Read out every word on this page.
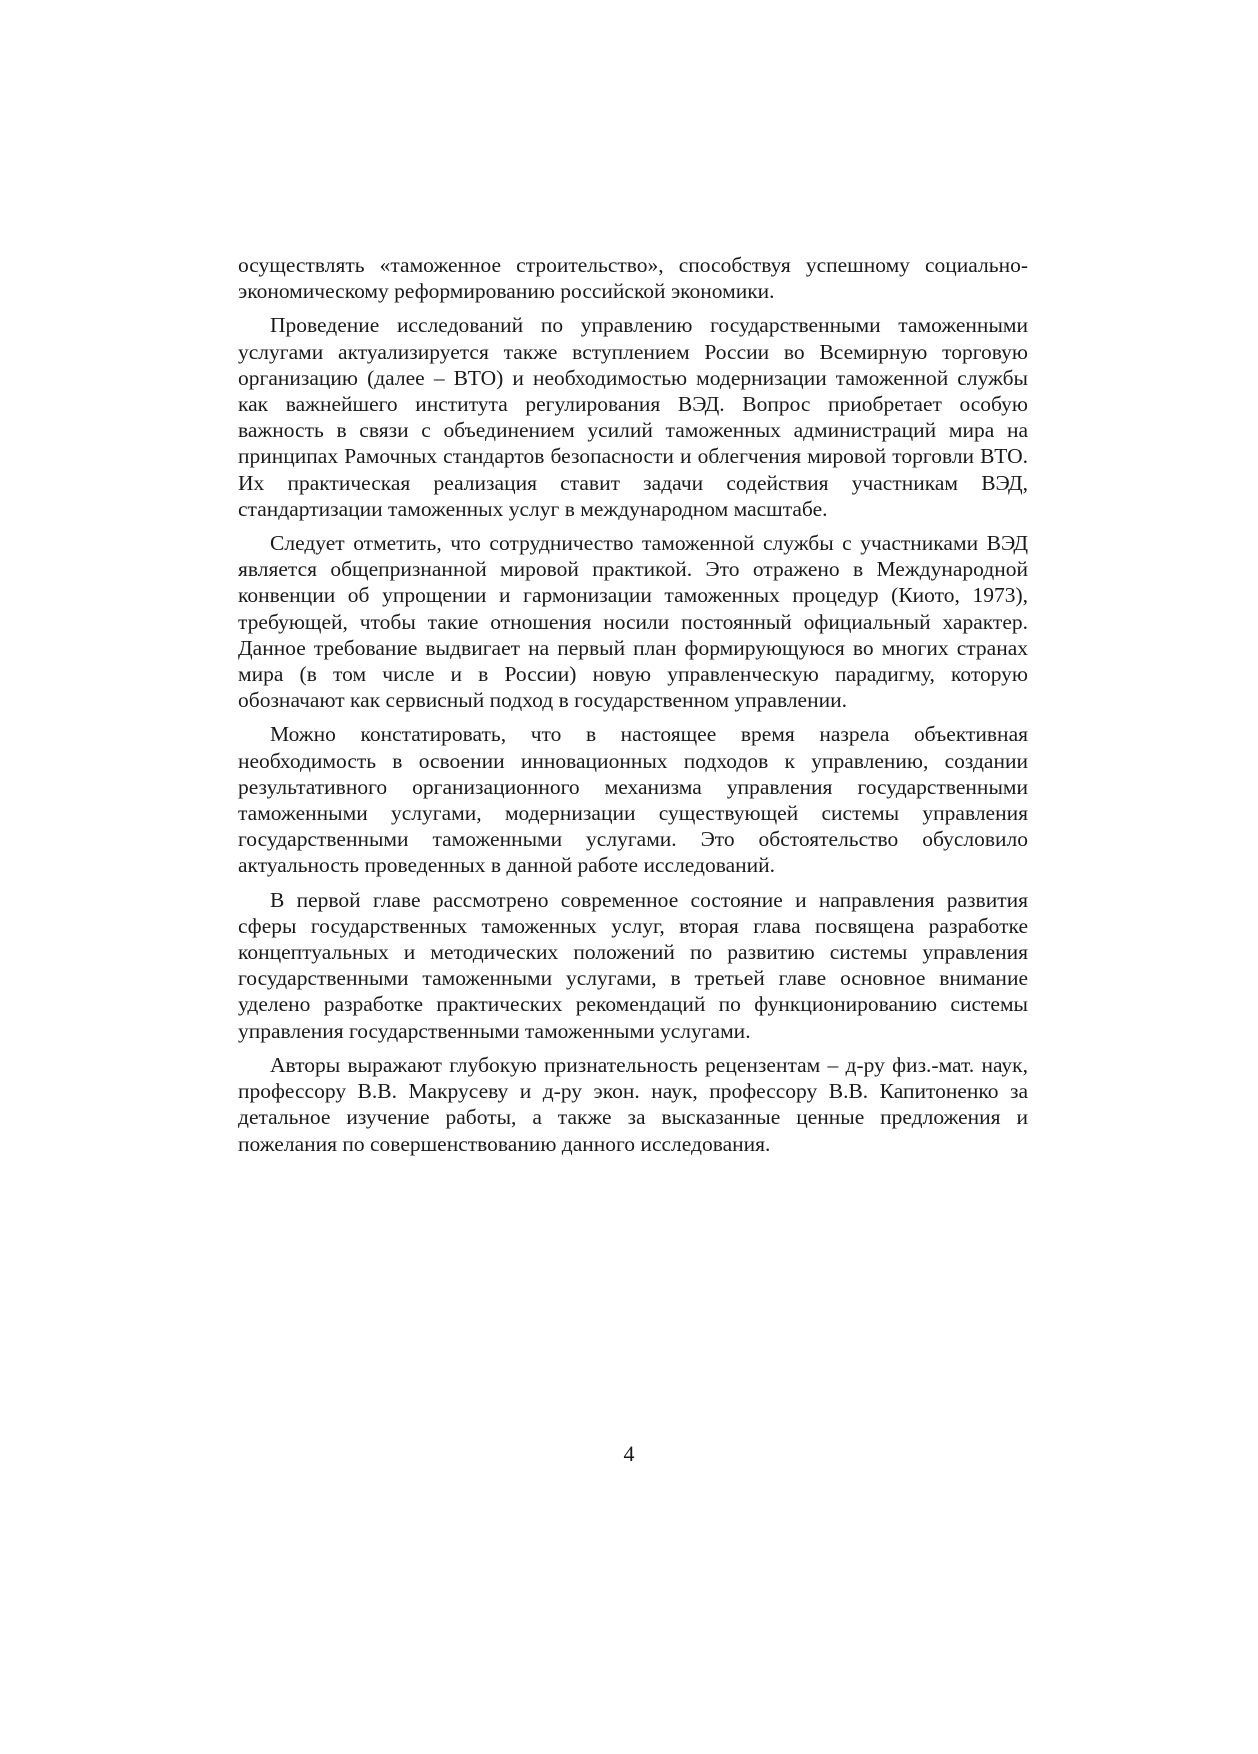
осуществлять «таможенное строительство», способствуя успешному социально-экономическому реформированию российской экономики.

Проведение исследований по управлению государственными таможенными услугами актуализируется также вступлением России во Всемирную торговую организацию (далее – ВТО) и необходимостью модернизации таможенной службы как важнейшего института регулирования ВЭД. Вопрос приобретает особую важность в связи с объединением усилий таможенных администраций мира на принципах Рамочных стандартов безопасности и облегчения мировой торговли ВТО. Их практическая реализация ставит задачи содействия участникам ВЭД, стандартизации таможенных услуг в международном масштабе.

Следует отметить, что сотрудничество таможенной службы с участниками ВЭД является общепризнанной мировой практикой. Это отражено в Международной конвенции об упрощении и гармонизации таможенных процедур (Киото, 1973), требующей, чтобы такие отношения носили постоянный официальный характер. Данное требование выдвигает на первый план формирующуюся во многих странах мира (в том числе и в России) новую управленческую парадигму, которую обозначают как сервисный подход в государственном управлении.

Можно констатировать, что в настоящее время назрела объективная необходимость в освоении инновационных подходов к управлению, создании результативного организационного механизма управления государственными таможенными услугами, модернизации существующей системы управления государственными таможенными услугами. Это обстоятельство обусловило актуальность проведенных в данной работе исследований.

В первой главе рассмотрено современное состояние и направления развития сферы государственных таможенных услуг, вторая глава посвящена разработке концептуальных и методических положений по развитию системы управления государственными таможенными услугами, в третьей главе основное внимание уделено разработке практических рекомендаций по функционированию системы управления государственными таможенными услугами.

Авторы выражают глубокую признательность рецензентам – д-ру физ.-мат. наук, профессору В.В. Макрусеву и д-ру экон. наук, профессору В.В. Капитоненко за детальное изучение работы, а также за высказанные ценные предложения и пожелания по совершенствованию данного исследования.

4
